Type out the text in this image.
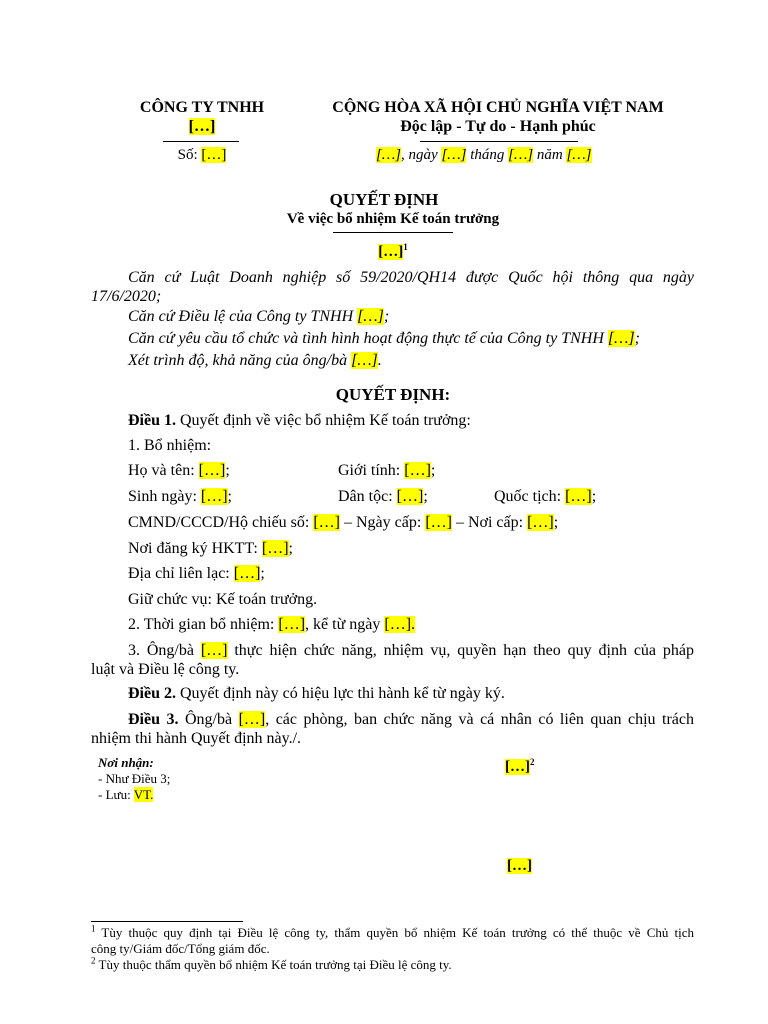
CÔNG TY TNHH
[…]
Số: […]
CỘNG HÒA XÃ HỘI CHỦ NGHĨA VIỆT NAM
Độc lập - Tự do - Hạnh phúc
[…], ngày […] tháng […] năm […]
QUYẾT ĐỊNH
Về việc bổ nhiệm Kế toán trưởng
[…]$^1$
Căn cứ Luật Doanh nghiệp số 59/2020/QH14 được Quốc hội thông qua ngày
17/6/2020;
Căn cứ Điều lệ của Công ty TNHH […];
Căn cứ yêu cầu tổ chức và tình hình hoạt động thực tế của Công ty TNHH […];
Xét trình độ, khả năng của ông/bà […].
QUYẾT ĐỊNH:
Điều 1. Quyết định về việc bổ nhiệm Kế toán trưởng:
1. Bổ nhiệm:
Họ và tên: […];	Giới tính: […];
Sinh ngày: […];	Dân tộc: […];	Quốc tịch: […];
CMND/CCCD/Hộ chiếu số: […] – Ngày cấp: […] – Nơi cấp: […];
Nơi đăng ký HKTT: […];
Địa chỉ liên lạc: […];
Giữ chức vụ: Kế toán trưởng.
2. Thời gian bổ nhiệm: […], kể từ ngày […].
3. Ông/bà […] thực hiện chức năng, nhiệm vụ, quyền hạn theo quy định của pháp
luật và Điều lệ công ty.
Điều 2. Quyết định này có hiệu lực thi hành kể từ ngày ký.
Điều 3. Ông/bà […], các phòng, ban chức năng và cá nhân có liên quan chịu trách
nhiệm thi hành Quyết định này./.
Nơi nhận:
- Như Điều 3;
- Lưu: VT.
[…]$^2$
[…]
$^1$ Tùy thuộc quy định tại Điều lệ công ty, thẩm quyền bổ nhiệm Kế toán trưởng có thể thuộc về Chủ tịch
công ty/Giám đốc/Tổng giám đốc.
$^2$ Tùy thuộc thẩm quyền bổ nhiệm Kế toán trưởng tại Điều lệ công ty.
